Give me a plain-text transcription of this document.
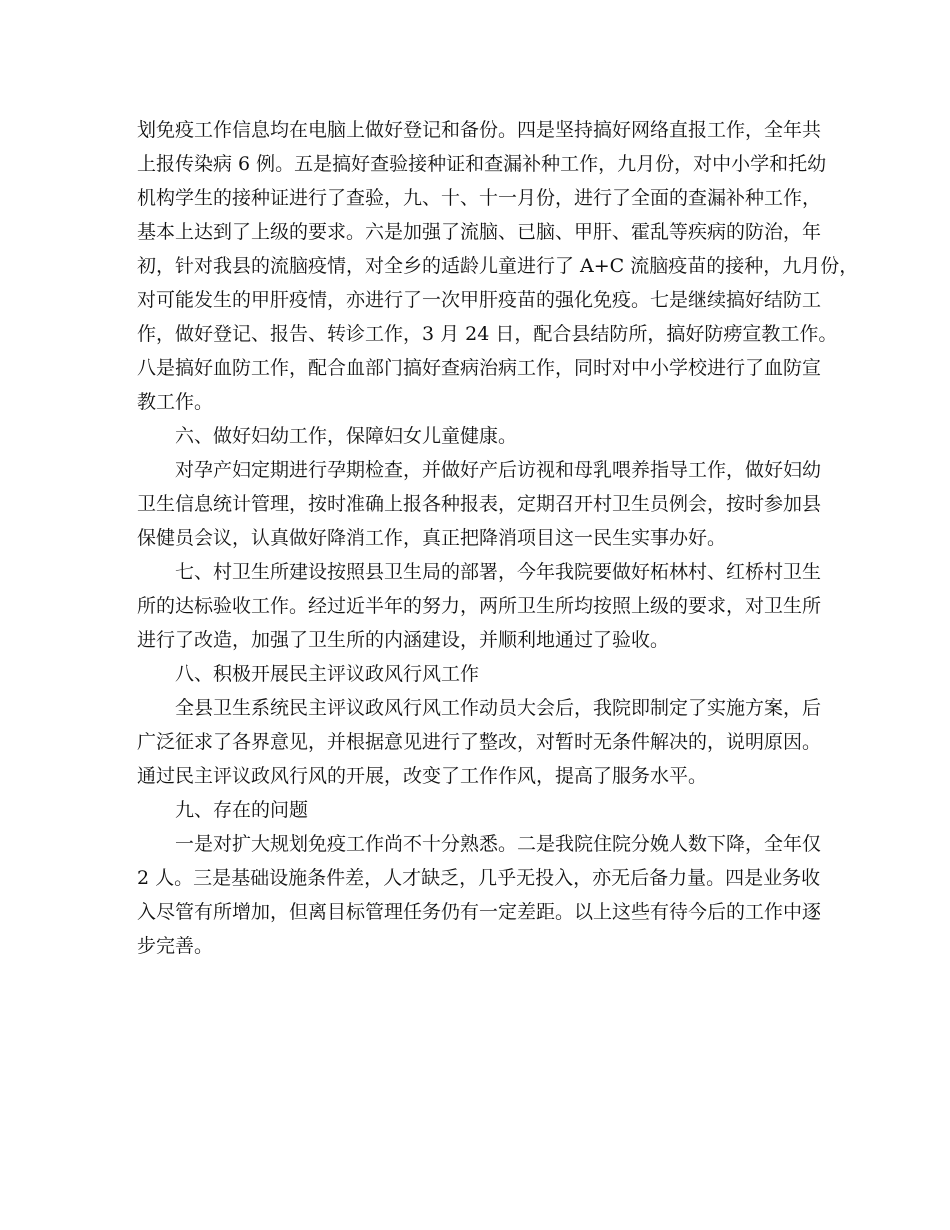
划免疫工作信息均在电脑上做好登记和备份。四是坚持搞好网络直报工作，全年共
上报传染病 6 例。五是搞好查验接种证和查漏补种工作，九月份，对中小学和托幼
机构学生的接种证进行了查验，九、十、十一月份，进行了全面的查漏补种工作，
基本上达到了上级的要求。六是加强了流脑、已脑、甲肝、霍乱等疾病的防治，年
初，针对我县的流脑疫情，对全乡的适龄儿童进行了 A+C 流脑疫苗的接种，九月份，
对可能发生的甲肝疫情，亦进行了一次甲肝疫苗的强化免疫。七是继续搞好结防工
作，做好登记、报告、转诊工作，3 月 24 日，配合县结防所，搞好防痨宣教工作。
八是搞好血防工作，配合血部门搞好查病治病工作，同时对中小学校进行了血防宣
教工作。
六、做好妇幼工作，保障妇女儿童健康。
对孕产妇定期进行孕期检查，并做好产后访视和母乳喂养指导工作，做好妇幼
卫生信息统计管理，按时准确上报各种报表，定期召开村卫生员例会，按时参加县
保健员会议，认真做好降消工作，真正把降消项目这一民生实事办好。
七、村卫生所建设按照县卫生局的部署，今年我院要做好柘林村、红桥村卫生
所的达标验收工作。经过近半年的努力，两所卫生所均按照上级的要求，对卫生所
进行了改造，加强了卫生所的内涵建设，并顺利地通过了验收。
八、积极开展民主评议政风行风工作
全县卫生系统民主评议政风行风工作动员大会后，我院即制定了实施方案，后
广泛征求了各界意见，并根据意见进行了整改，对暂时无条件解决的，说明原因。
通过民主评议政风行风的开展，改变了工作作风，提高了服务水平。
九、存在的问题
一是对扩大规划免疫工作尚不十分熟悉。二是我院住院分娩人数下降，全年仅
2 人。三是基础设施条件差，人才缺乏，几乎无投入，亦无后备力量。四是业务收
入尽管有所增加，但离目标管理任务仍有一定差距。以上这些有待今后的工作中逐
步完善。
